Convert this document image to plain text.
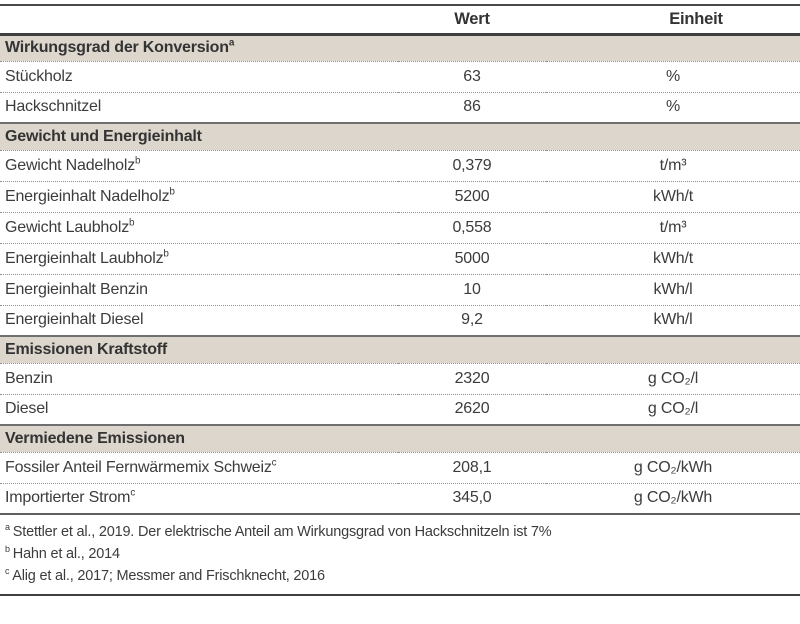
	Wert	Einheit
Wirkungsgrad der Konversion$^a$
Stückholz	63	%
Hackschnitzel	86	%
Gewicht und Energieinhalt		
Gewicht Nadelholz$^b$	0,379	t/m³
Energieinhalt Nadelholz$^b$	5200	kWh/t
Gewicht Laubholz$^b$	0,558	t/m³
Energieinhalt Laubholz$^b$	5000	kWh/t
Energieinhalt Benzin	10	kWh/l
Energieinhalt Diesel	9,2	kWh/l
Emissionen Kraftstoff		
Benzin	2320	g CO₂/l
Diesel	2620	g CO₂/l
Vermiedene Emissionen		
Fossiler Anteil Fernwärmemix Schweiz$^c$	208,1	g CO₂/kWh
Importierter Strom$^c$	345,0	g CO₂/kWh
$^a$ Stettler et al., 2019. Der elektrische Anteil am Wirkungsgrad von Hackschnitzeln ist 7%
$^b$ Hahn et al., 2014
$^c$ Alig et al., 2017; Messmer and Frischknecht, 2016
